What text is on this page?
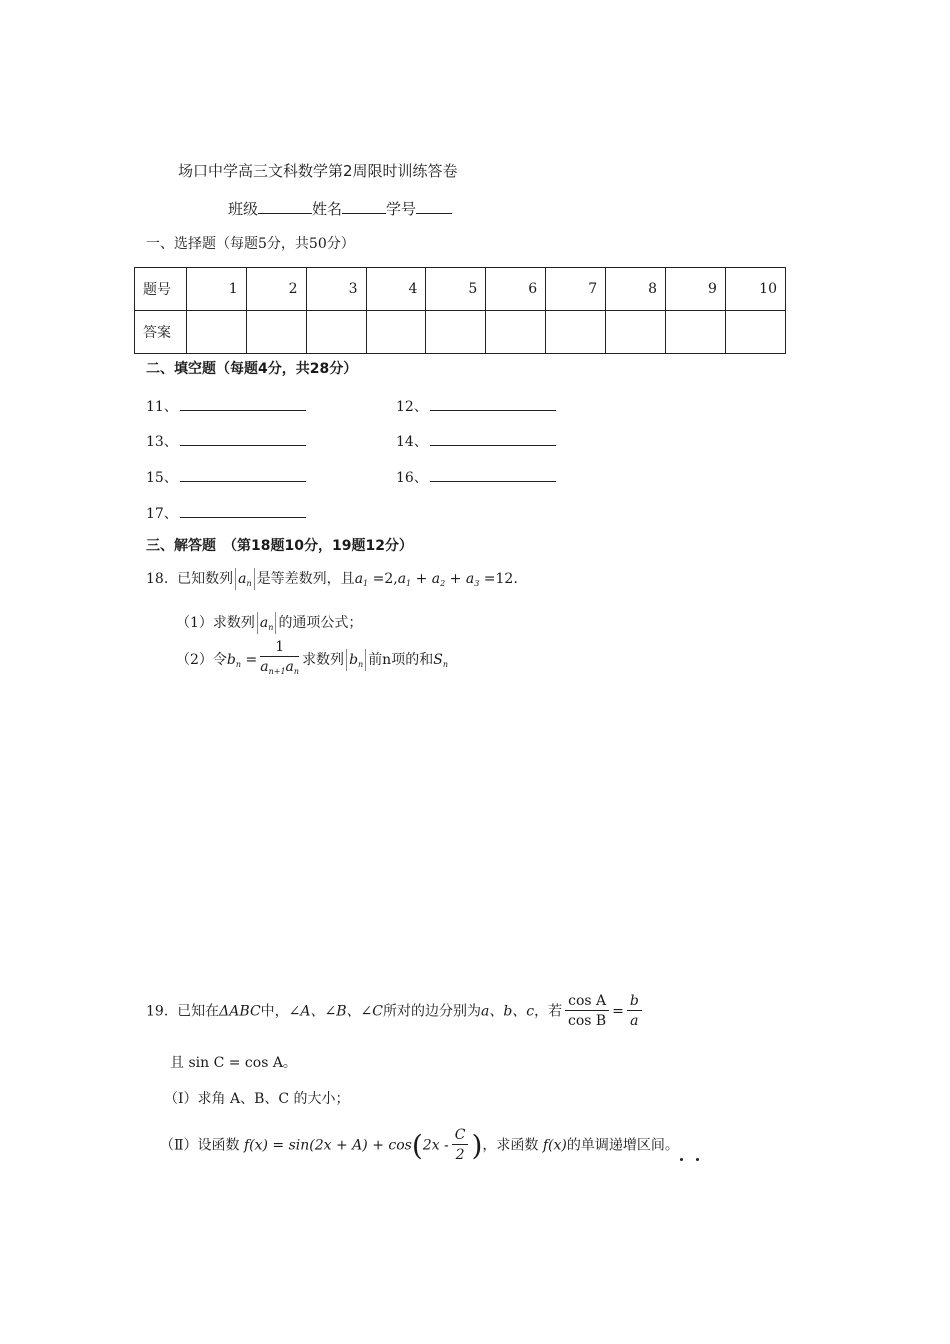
场口中学高三文科数学第2周限时训练答卷
班级	姓名	学号
一、选择题（每题5分，共50分）
题号	1	2	3	4	5	6	7	8	9	10
答案										
二、填空题（每题4分，共28分）
11、	12、
13、	14、
15、	16、
17、
三、解答题　（第18题10分，19题12分）
18. 已知数列 $a_n$ 是等差数列，且$a_1 =2,a_1 + a_2 + a_3 =12$.
（1）求数列 $a_n$ 的通项公式；
（2）令$b_n = \frac{1}{a_{n+1}a_n}$ 求数列 $b_n$ 前n项的和$S_n$
19. 已知在ΔABC中，∠A、∠B、∠C所对的边分别为a、b、c，若 $\frac{\text{cos A}}{\text{cos B}} = \frac{b}{a}$
且 sin C = cos A。
（Ⅰ）求角 A、B、C 的大小；
（Ⅱ）设函数 $f(x) = \sin(2x + A) + \cos(2x - \frac{C}{2}$ )，求函数 f(x)的单调递增区间。
